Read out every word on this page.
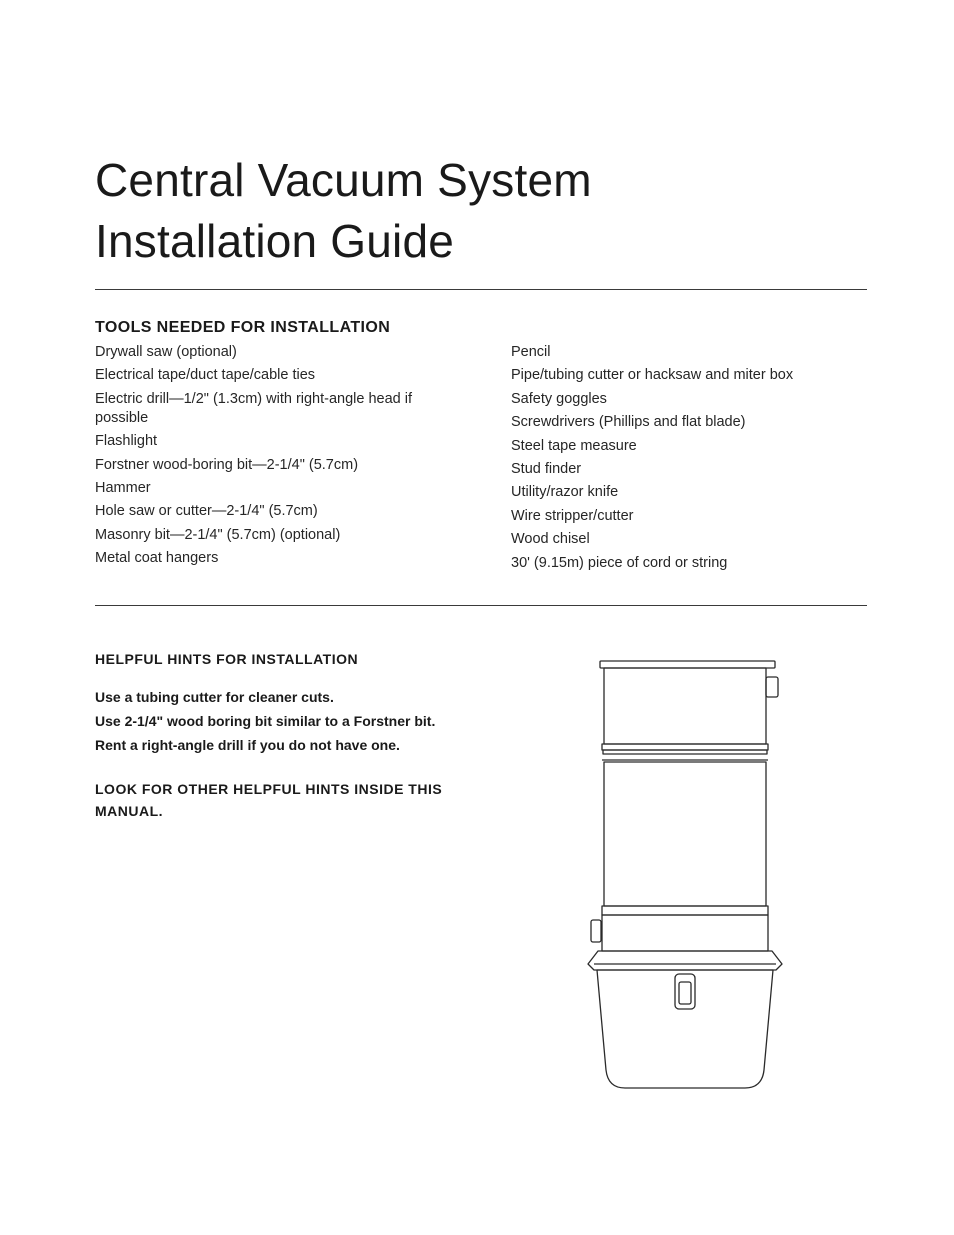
Central Vacuum System
Installation Guide
TOOLS NEEDED FOR INSTALLATION
Drywall saw (optional)
Electrical tape/duct tape/cable ties
Electric drill—1/2" (1.3cm) with right-angle head if possible
Flashlight
Forstner wood-boring bit—2-1/4" (5.7cm)
Hammer
Hole saw or cutter—2-1/4" (5.7cm)
Masonry bit—2-1/4" (5.7cm) (optional)
Metal coat hangers
Pencil
Pipe/tubing cutter or hacksaw and miter box
Safety goggles
Screwdrivers (Phillips and flat blade)
Steel tape measure
Stud finder
Utility/razor knife
Wire stripper/cutter
Wood chisel
30' (9.15m) piece of cord or string
HELPFUL HINTS FOR INSTALLATION
Use a tubing cutter for cleaner cuts.
Use 2-1/4" wood boring bit similar to a Forstner bit.
Rent a right-angle drill if you do not have one.

LOOK FOR OTHER HELPFUL HINTS INSIDE THIS MANUAL.
